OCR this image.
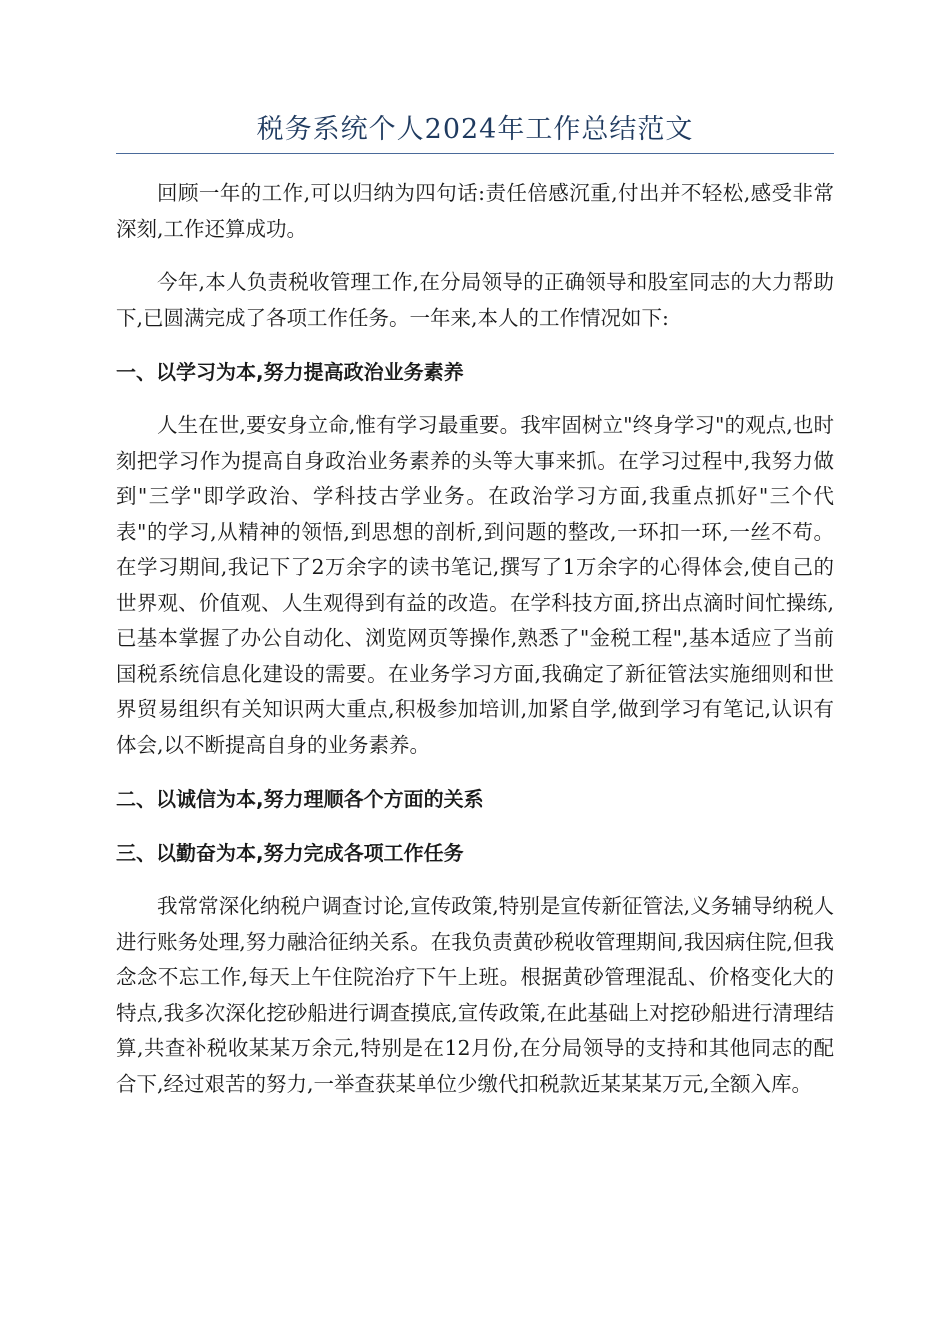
税务系统个人2024年工作总结范文

回顾一年的工作,可以归纳为四句话:责任倍感沉重,付出并不轻松,感受非常深刻,工作还算成功。

今年,本人负责税收管理工作,在分局领导的正确领导和股室同志的大力帮助下,已圆满完成了各项工作任务。一年来,本人的工作情况如下:

一、以学习为本,努力提高政治业务素养

人生在世,要安身立命,惟有学习最重要。我牢固树立"终身学习"的观点,也时刻把学习作为提高自身政治业务素养的头等大事来抓。在学习过程中,我努力做到"三学"即学政治、学科技古学业务。在政治学习方面,我重点抓好"三个代表"的学习,从精神的领悟,到思想的剖析,到问题的整改,一环扣一环,一丝不苟。在学习期间,我记下了2万余字的读书笔记,撰写了1万余字的心得体会,使自己的世界观、价值观、人生观得到有益的改造。在学科技方面,挤出点滴时间忙操练,已基本掌握了办公自动化、浏览网页等操作,熟悉了"金税工程",基本适应了当前国税系统信息化建设的需要。在业务学习方面,我确定了新征管法实施细则和世界贸易组织有关知识两大重点,积极参加培训,加紧自学,做到学习有笔记,认识有体会,以不断提高自身的业务素养。

二、以诚信为本,努力理顺各个方面的关系
三、以勤奋为本,努力完成各项工作任务

我常常深化纳税户调查讨论,宣传政策,特别是宣传新征管法,义务辅导纳税人进行账务处理,努力融洽征纳关系。在我负责黄砂税收管理期间,我因病住院,但我念念不忘工作,每天上午住院治疗下午上班。根据黄砂管理混乱、价格变化大的特点,我多次深化挖砂船进行调查摸底,宣传政策,在此基础上对挖砂船进行清理结算,共查补税收某某万余元,特别是在12月份,在分局领导的支持和其他同志的配合下,经过艰苦的努力,一举查获某单位少缴代扣税款近某某某万元,全额入库。
